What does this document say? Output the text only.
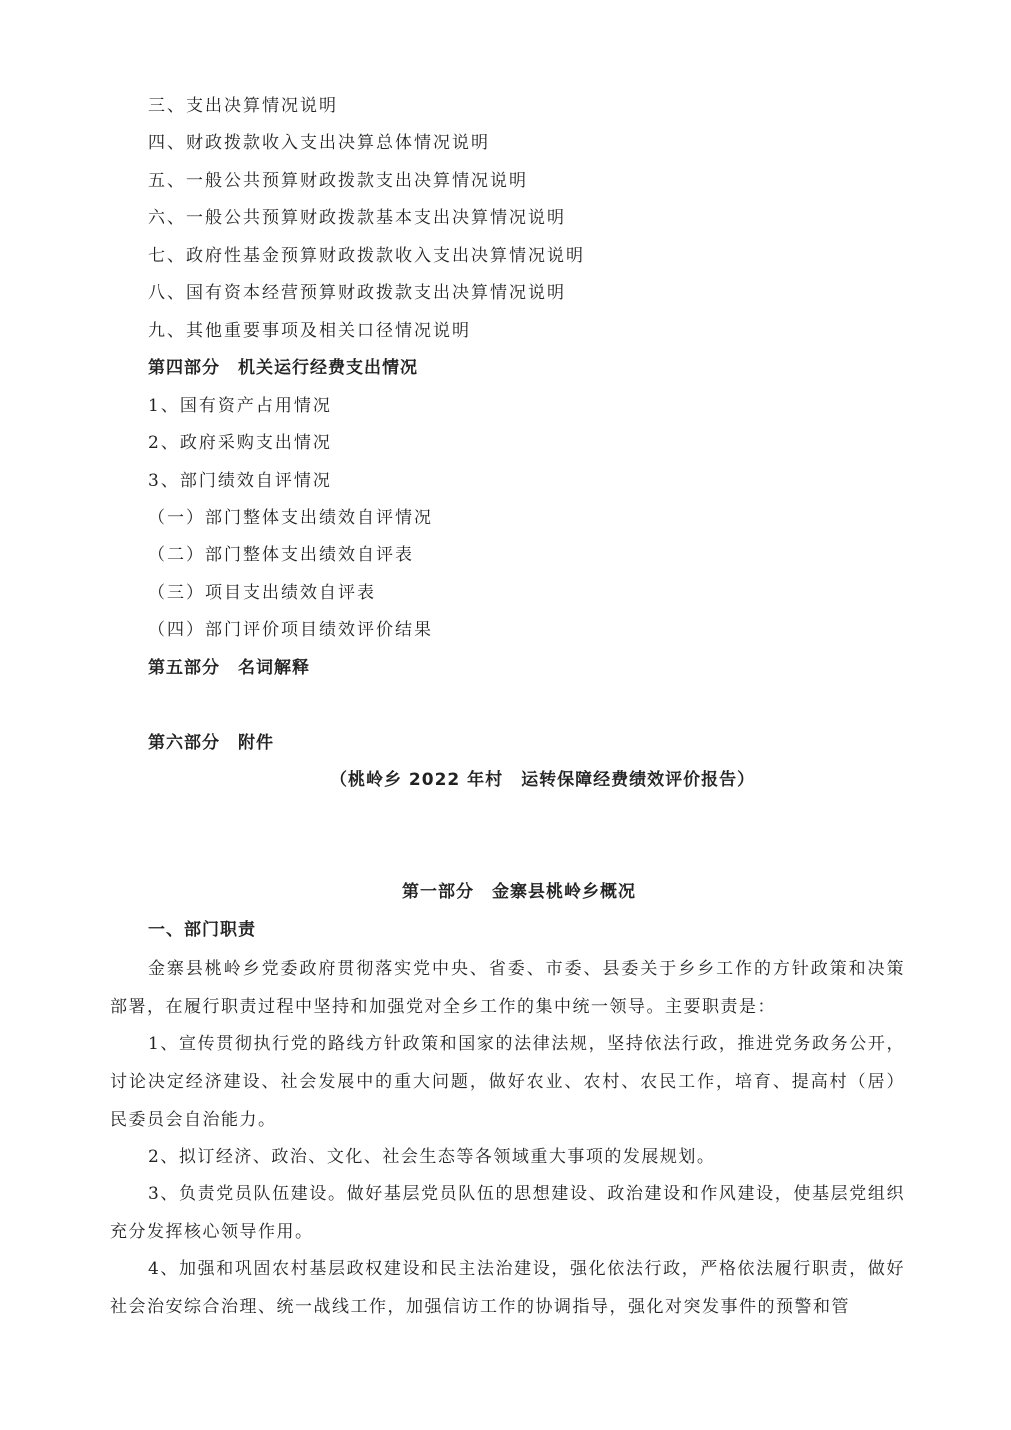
三、支出决算情况说明
四、财政拨款收入支出决算总体情况说明
五、一般公共预算财政拨款支出决算情况说明
六、一般公共预算财政拨款基本支出决算情况说明
七、政府性基金预算财政拨款收入支出决算情况说明
八、国有资本经营预算财政拨款支出决算情况说明
九、其他重要事项及相关口径情况说明
第四部分　机关运行经费支出情况
1、国有资产占用情况
2、政府采购支出情况
3、部门绩效自评情况
（一）部门整体支出绩效自评情况
（二）部门整体支出绩效自评表
（三）项目支出绩效自评表
（四）部门评价项目绩效评价结果
第五部分　名词解释
第六部分　附件
（桃岭乡 2022 年村　运转保障经费绩效评价报告）
第一部分　金寨县桃岭乡概况
一、部门职责
金寨县桃岭乡党委政府贯彻落实党中央、省委、市委、县委关于乡乡工作的方针政策和决策部署，在履行职责过程中坚持和加强党对全乡工作的集中统一领导。主要职责是：
1、宣传贯彻执行党的路线方针政策和国家的法律法规，坚持依法行政，推进党务政务公开，讨论决定经济建设、社会发展中的重大问题，做好农业、农村、农民工作，培育、提高村（居）民委员会自治能力。
2、拟订经济、政治、文化、社会生态等各领域重大事项的发展规划。
3、负责党员队伍建设。做好基层党员队伍的思想建设、政治建设和作风建设，使基层党组织充分发挥核心领导作用。
4、加强和巩固农村基层政权建设和民主法治建设，强化依法行政，严格依法履行职责，做好社会治安综合治理、统一战线工作，加强信访工作的协调指导，强化对突发事件的预警和管
